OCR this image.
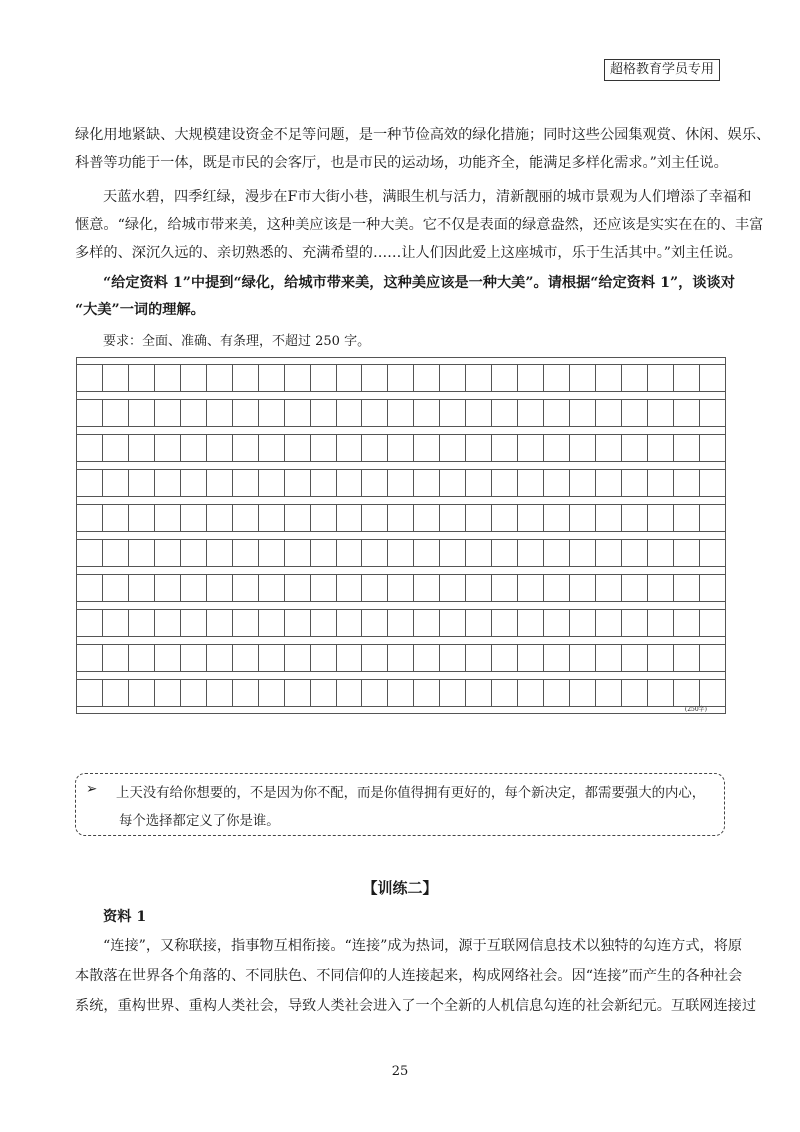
超格教育学员专用
绿化用地紧缺、大规模建设资金不足等问题，是一种节俭高效的绿化措施；同时这些公园集观赏、休闲、娱乐、
科普等功能于一体，既是市民的会客厅，也是市民的运动场，功能齐全，能满足多样化需求。”刘主任说。
天蓝水碧，四季红绿，漫步在F市大街小巷，满眼生机与活力，清新靓丽的城市景观为人们增添了幸福和
惬意。“绿化，给城市带来美，这种美应该是一种大美。它不仅是表面的绿意盎然，还应该是实实在在的、丰富
多样的、深沉久远的、亲切熟悉的、充满希望的……让人们因此爱上这座城市，乐于生活其中。”刘主任说。
“给定资料 1”中提到“绿化，给城市带来美，这种美应该是一种大美”。请根据“给定资料 1”，谈谈对
“大美”一词的理解。
要求：全面、准确、有条理，不超过 250 字。
(250字)
➢ 上天没有给你想要的，不是因为你不配，而是你值得拥有更好的，每个新决定，都需要强大的内心，
每个选择都定义了你是谁。
【训练二】
资料 1
“连接”，又称联接，指事物互相衔接。“连接”成为热词，源于互联网信息技术以独特的勾连方式，将原
本散落在世界各个角落的、不同肤色、不同信仰的人连接起来，构成网络社会。因“连接”而产生的各种社会
系统，重构世界、重构人类社会，导致人类社会进入了一个全新的人机信息勾连的社会新纪元。互联网连接过
25
